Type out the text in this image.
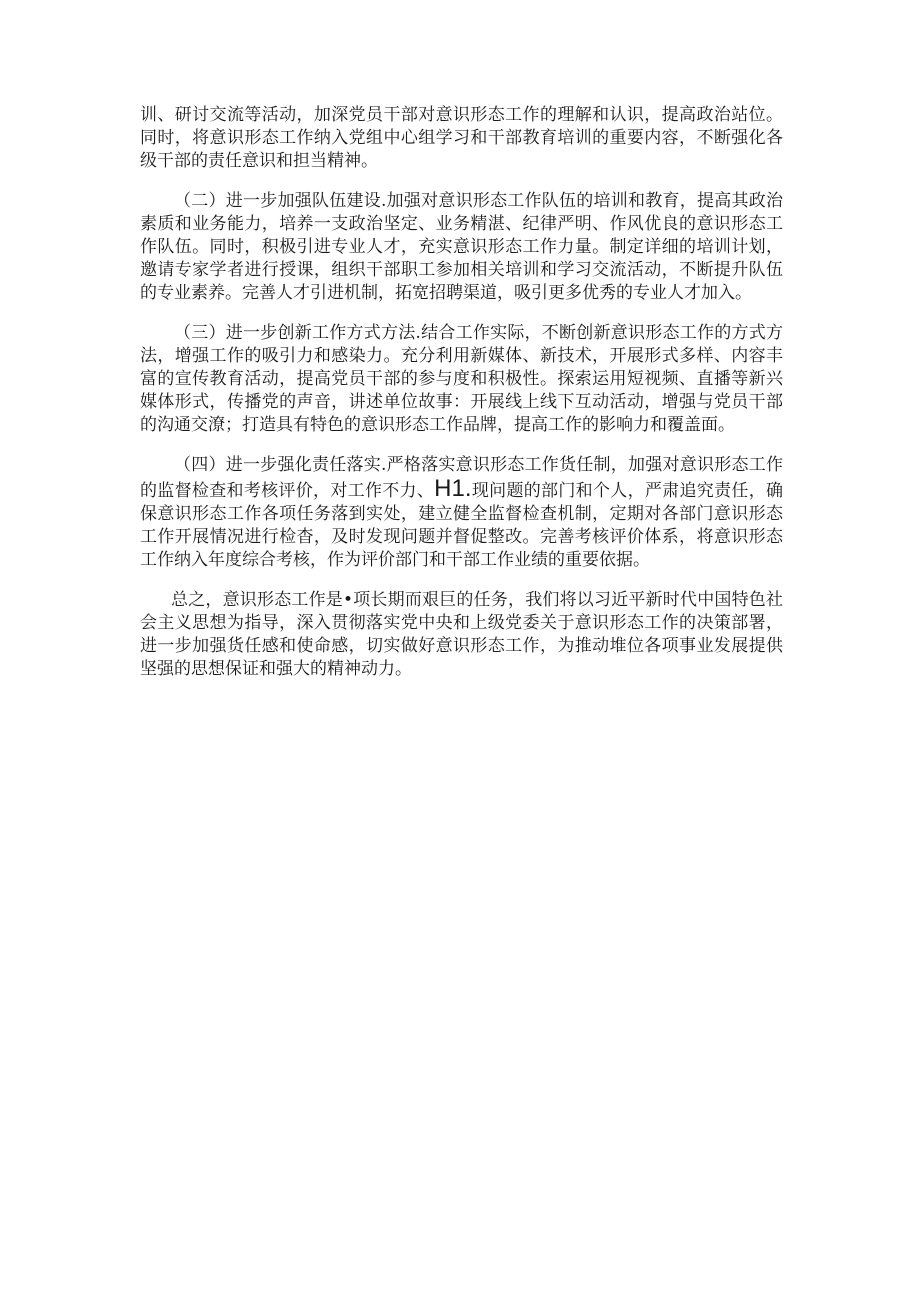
训、研讨交流等活动，加深党员干部对意识形态工作的理解和认识，提高政治站位。同时，将意识形态工作纳入党组中心组学习和干部教育培训的重要内容，不断强化各级干部的责任意识和担当精神。

（二）进一步加强队伍建设.加强对意识形态工作队伍的培训和教育，提高其政治素质和业务能力，培养一支政治坚定、业务精湛、纪律严明、作风优良的意识形态工作队伍。同时，积极引进专业人才，充实意识形态工作力量。制定详细的培训计划，邀请专家学者进行授课，组织干部职工参加相关培训和学习交流活动，不断提升队伍的专业素养。完善人才引进机制，拓宽招聘渠道，吸引更多优秀的专业人才加入。

（三）进一步创新工作方式方法.结合工作实际，不断创新意识形态工作的方式方法，增强工作的吸引力和感染力。充分利用新媒体、新技术，开展形式多样、内容丰富的宣传教育活动，提高党员干部的参与度和积极性。探索运用短视频、直播等新兴媒体形式，传播党的声音，讲述单位故事：开展线上线下互动活动，增强与党员干部的沟通交潦；打造具有特色的意识形态工作品牌，提高工作的影响力和覆盖面。

（四）进一步强化责任落实.严格落实意识形态工作货任制，加强对意识形态工作的监督检查和考核评价，对工作不力、H1.现问题的部门和个人，严肃追究责任，确保意识形态工作各项任务落到实处，建立健全监督检查机制，定期对各部门意识形态工作开展情况进行检杳，及时发现问题并督促整改。完善考核评价体系，将意识形态工作纳入年度综合考核，作为评价部门和干部工作业绩的重要依据。

总之，意识形态工作是•项长期而艰巨的任务，我们将以习近平新时代中国特色社会主义思想为指导，深入贯彻落实党中央和上级党委关于意识形态工作的决策部署，进一步加强货任感和使命感，切实做好意识形态工作，为推动堆位各项事业发展提供坚强的思想保证和强大的精神动力。
